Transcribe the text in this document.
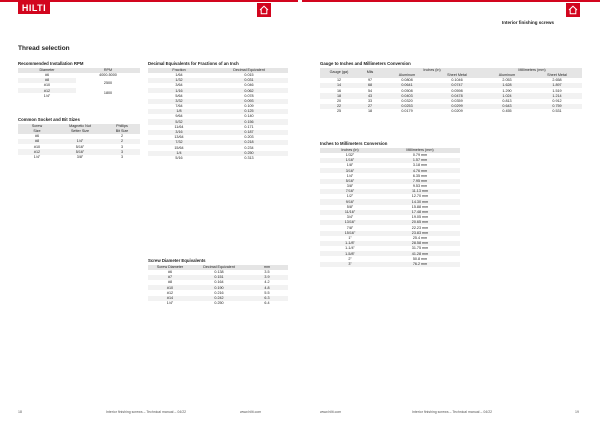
HILTI
Interior finishing screws
Thread selection
Recommended Installation RPM
Diameter	RPM
#6	4000-5000
#8	2500
#10	
#12	1800
1/4"	
Common Socket and Bit Sizes
Screw	Magnetic Nut	Phillips
Size	Setter Size	Bit Size
#6		2
#8	1/4"	2
#10	5/16"	3
#12	5/16"	3
1/4"	3/8"	3
Decimal Equivalents for Fractions of an Inch
Fraction	Decimal Equivalent
1/64	0.015
1/32	0.031
3/64	0.046
1/16	0.062
5/64	0.078
3/32	0.093
7/64	0.109
1/8	0.125
9/64	0.140
5/32	0.156
11/64	0.171
3/16	0.187
13/64	0.203
7/32	0.218
15/64	0.234
1/4	0.250
5/16	0.313
Screw Diameter Equivalents
Screw Diameter	Decimal Equivalent	mm
#6	0.138	3.5
#7	0.151	3.9
#8	0.164	4.2
#10	0.190	4.8
#12	0.216	5.5
#14	0.242	6.3
1/4"	0.250	6.4
Gauge to Inches and Millimeters Conversion
Gauge (ga)	Mils	Inches (in)		Millimeters (mm)	
		Aluminum	Sheet Metal	Aluminum	Sheet Metal
12	97	0.0808	0.1046	2.053	2.658
14	68	0.0641	0.0747	1.628	1.897
16	54	0.0508	0.0598	1.290	1.519
18	43	0.0403	0.0478	1.024	1.214
20	33	0.0320	0.0359	0.813	0.912
22	27	0.0253	0.0299	0.643	0.759
25	18	0.0179	0.0209	0.455	0.531
Inches to Millimeters Conversion
Inches (in)	Millimeters (mm)
1/32"	0.79 mm
1/16"	1.57 mm
1/8"	3.18 mm
3/16"	4.76 mm
1/4"	6.35 mm
5/16"	7.95 mm
3/8"	9.53 mm
7/16"	11.13 mm
1/2"	12.70 mm
9/16"	14.30 mm
5/8"	15.88 mm
11/16"	17.48 mm
3/4"	19.05 mm
13/16"	20.65 mm
7/8"	22.23 mm
15/16"	23.83 mm
1"	25.4 mm
1-1/8"	28.58 mm
1-1/4"	31.75 mm
1-5/8"	41.28 mm
2"	50.8 mm
3"	76.2 mm
18	Interior finishing screws – Technical manual – 04/22	www.hilti.com	www.hilti.com	Interior finishing screws – Technical manual – 04/22	19
